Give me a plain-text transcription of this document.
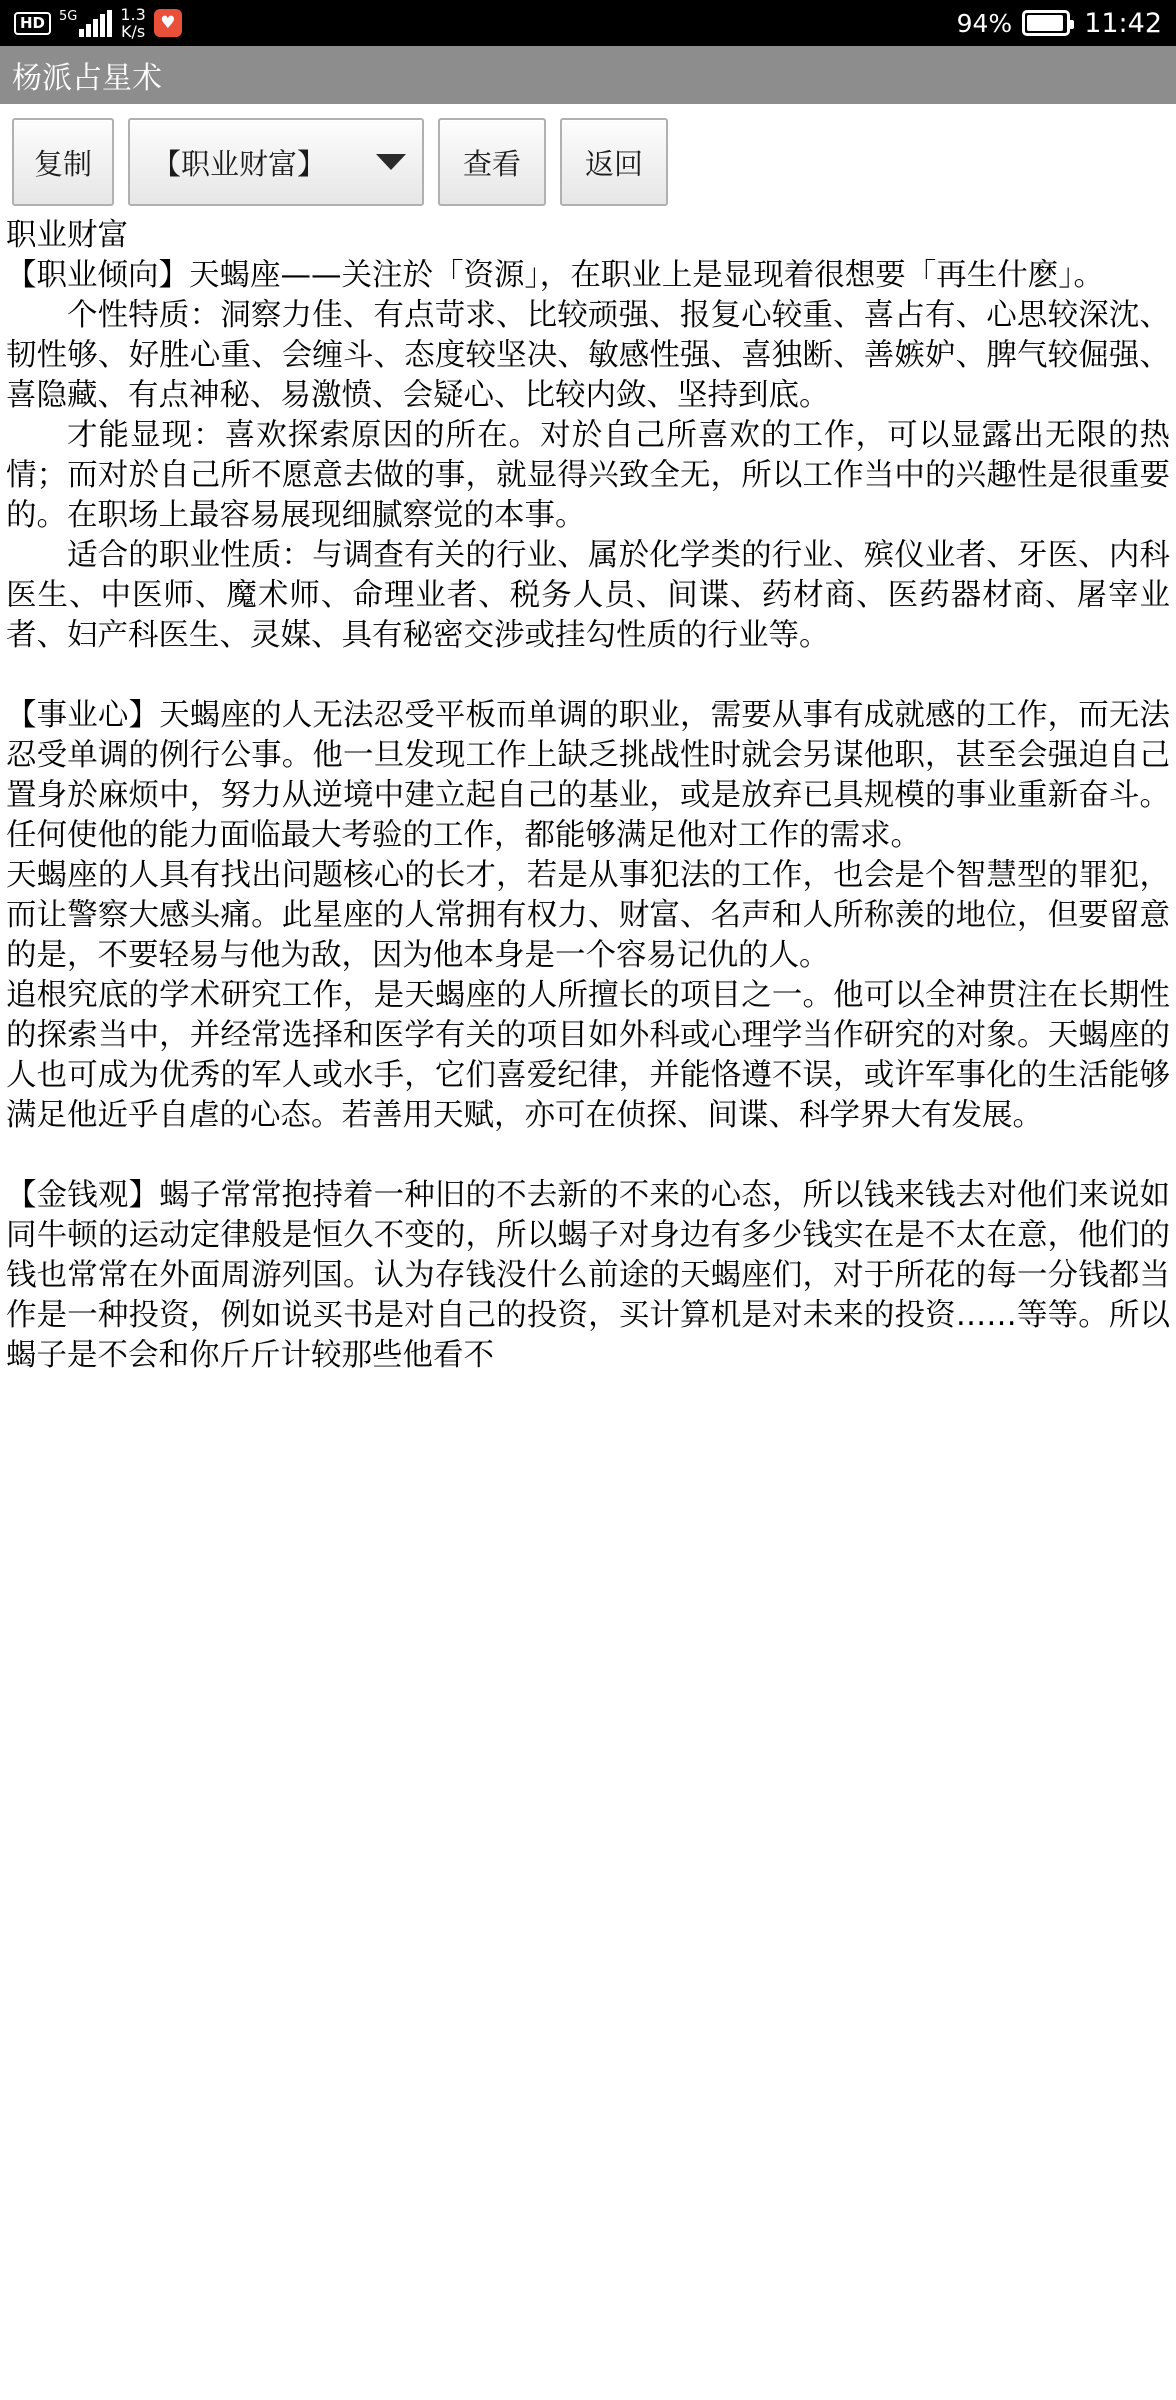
HD	5G	1.3
K/s ♥	94%	11:42
杨派占星术
复制	【职业财富】	查看	返回

职业财富

【职业倾向】天蝎座——关注於「资源」，在职业上是显现着很想要「再生什麽」。

个性特质：洞察力佳、有点苛求、比较顽强、报复心较重、喜占有、心思较深沈、韧性够、好胜心重、会缠斗、态度较坚决、敏感性强、喜独断、善嫉妒、脾气较倔强、喜隐藏、有点神秘、易激愤、会疑心、比较内敛、坚持到底。

才能显现：喜欢探索原因的所在。对於自己所喜欢的工作，可以显露出无限的热情；而对於自己所不愿意去做的事，就显得兴致全无，所以工作当中的兴趣性是很重要的。在职场上最容易展现细腻察觉的本事。

适合的职业性质：与调查有关的行业、属於化学类的行业、殡仪业者、牙医、内科医生、中医师、魔术师、命理业者、税务人员、间谍、药材商、医药器材商、屠宰业者、妇产科医生、灵媒、具有秘密交涉或挂勾性质的行业等。

【事业心】天蝎座的人无法忍受平板而单调的职业，需要从事有成就感的工作，而无法忍受单调的例行公事。他一旦发现工作上缺乏挑战性时就会另谋他职，甚至会强迫自己置身於麻烦中，努力从逆境中建立起自己的基业，或是放弃已具规模的事业重新奋斗。任何使他的能力面临最大考验的工作，都能够满足他对工作的需求。

天蝎座的人具有找出问题核心的长才，若是从事犯法的工作，也会是个智慧型的罪犯，而让警察大感头痛。此星座的人常拥有权力、财富、名声和人所称羡的地位，但要留意的是，不要轻易与他为敌，因为他本身是一个容易记仇的人。

追根究底的学术研究工作，是天蝎座的人所擅长的项目之一。他可以全神贯注在长期性的探索当中，并经常选择和医学有关的项目如外科或心理学当作研究的对象。天蝎座的人也可成为优秀的军人或水手，它们喜爱纪律，并能恪遵不误，或许军事化的生活能够满足他近乎自虐的心态。若善用天赋，亦可在侦探、间谍、科学界大有发展。

【金钱观】蝎子常常抱持着一种旧的不去新的不来的心态，所以钱来钱去对他们来说如同牛顿的运动定律般是恒久不变的，所以蝎子对身边有多少钱实在是不太在意，他们的钱也常常在外面周游列国。认为存钱没什么前途的天蝎座们，对于所花的每一分钱都当作是一种投资，例如说买书是对自己的投资，买计算机是对未来的投资……等等。所以蝎子是不会和你斤斤计较那些他看不
